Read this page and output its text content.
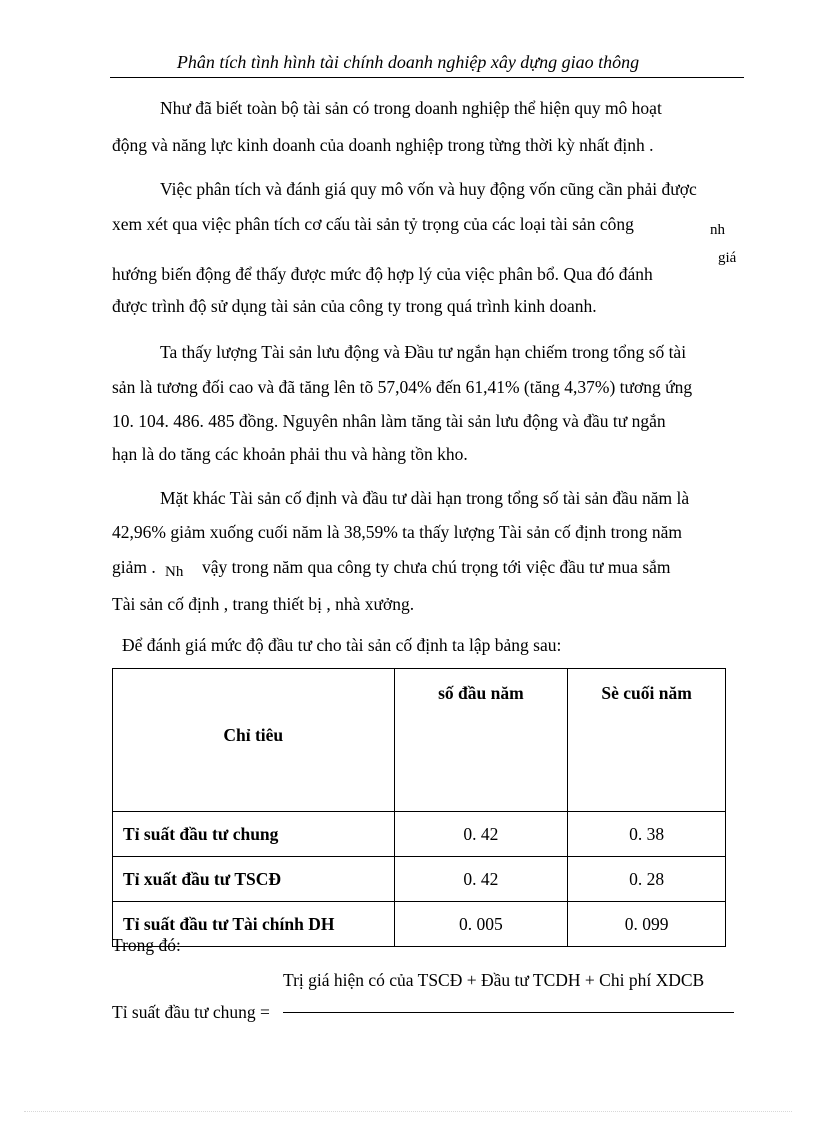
Phân tích tình hình tài chính doanh nghiệp xây dựng giao thông
Như đã biết toàn bộ tài sản có trong doanh nghiệp thể hiện quy mô hoạt
động và năng lực kinh doanh của doanh nghiệp trong từng thời kỳ nhất định .
Việc phân tích và đánh giá quy mô vốn và huy động vốn cũng cần phải được
xem xét qua việc phân tích cơ cấu tài sản tỷ trọng của các loại tài sản công	nh
hướng biến động để thấy được mức độ hợp lý của việc phân bổ. Qua đó đánh
giá
được trình độ sử dụng tài sản của công ty trong quá trình kinh doanh.
Ta thấy lượng Tài sản lưu động và Đầu tư ngắn hạn chiếm trong tổng số tài
sản là tương đối cao và đã tăng lên tõ 57,04% đến 61,41% (tăng 4,37%) tương ứng
10. 104. 486. 485 đồng. Nguyên nhân làm tăng tài sản lưu động và đầu tư ngắn
hạn là do tăng các khoản phải thu và hàng tồn kho.
Mặt khác Tài sản cố định và đầu tư dài hạn trong tổng số tài sản đầu năm là
42,96% giảm xuống cuối năm là 38,59% ta thấy lượng Tài sản cố định trong năm
giảm . Nh vậy trong năm qua công ty chưa chú trọng tới việc đầu tư mua sắm
Tài sản cố định , trang thiết bị , nhà xưởng.
Để đánh giá mức độ đầu tư cho tài sản cố định ta lập bảng sau:
Chỉ tiêu	số đầu năm	Sè cuối năm
Tỉ suất đầu tư chung	0. 42	0. 38
Tỉ xuất đầu tư TSCĐ	0. 42	0. 28
Tỉ suất đầu tư Tài chính DH	0. 005	0. 099
Trong đó:
Trị giá hiện có của TSCĐ + Đầu tư TCDH + Chi phí XDCB
Tỉ suất đầu tư chung =
